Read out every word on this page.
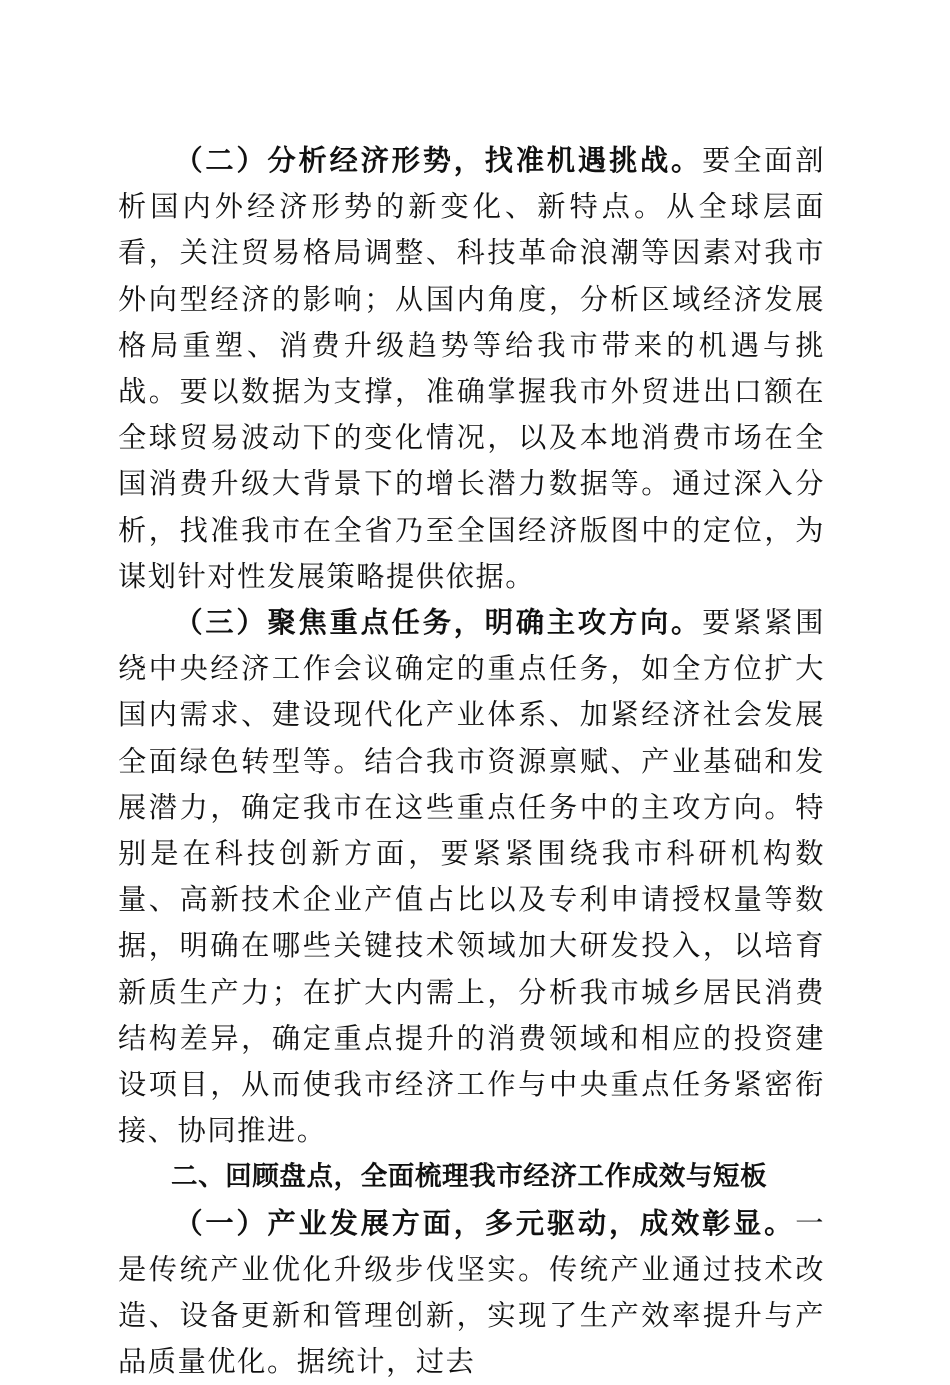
（二）分析经济形势，找准机遇挑战。要全面剖析国内外经济形势的新变化、新特点。从全球层面看，关注贸易格局调整、科技革命浪潮等因素对我市外向型经济的影响；从国内角度，分析区域经济发展格局重塑、消费升级趋势等给我市带来的机遇与挑战。要以数据为支撑，准确掌握我市外贸进出口额在全球贸易波动下的变化情况，以及本地消费市场在全国消费升级大背景下的增长潜力数据等。通过深入分析，找准我市在全省乃至全国经济版图中的定位，为谋划针对性发展策略提供依据。

（三）聚焦重点任务，明确主攻方向。要紧紧围绕中央经济工作会议确定的重点任务，如全方位扩大国内需求、建设现代化产业体系、加紧经济社会发展全面绿色转型等。结合我市资源禀赋、产业基础和发展潜力，确定我市在这些重点任务中的主攻方向。特别是在科技创新方面，要紧紧围绕我市科研机构数量、高新技术企业产值占比以及专利申请授权量等数据，明确在哪些关键技术领域加大研发投入，以培育新质生产力；在扩大内需上，分析我市城乡居民消费结构差异，确定重点提升的消费领域和相应的投资建设项目，从而使我市经济工作与中央重点任务紧密衔接、协同推进。

二、回顾盘点，全面梳理我市经济工作成效与短板

（一）产业发展方面，多元驱动，成效彰显。一是传统产业优化升级步伐坚实。传统产业通过技术改造、设备更新和管理创新，实现了生产效率提升与产品质量优化。据统计，过去
